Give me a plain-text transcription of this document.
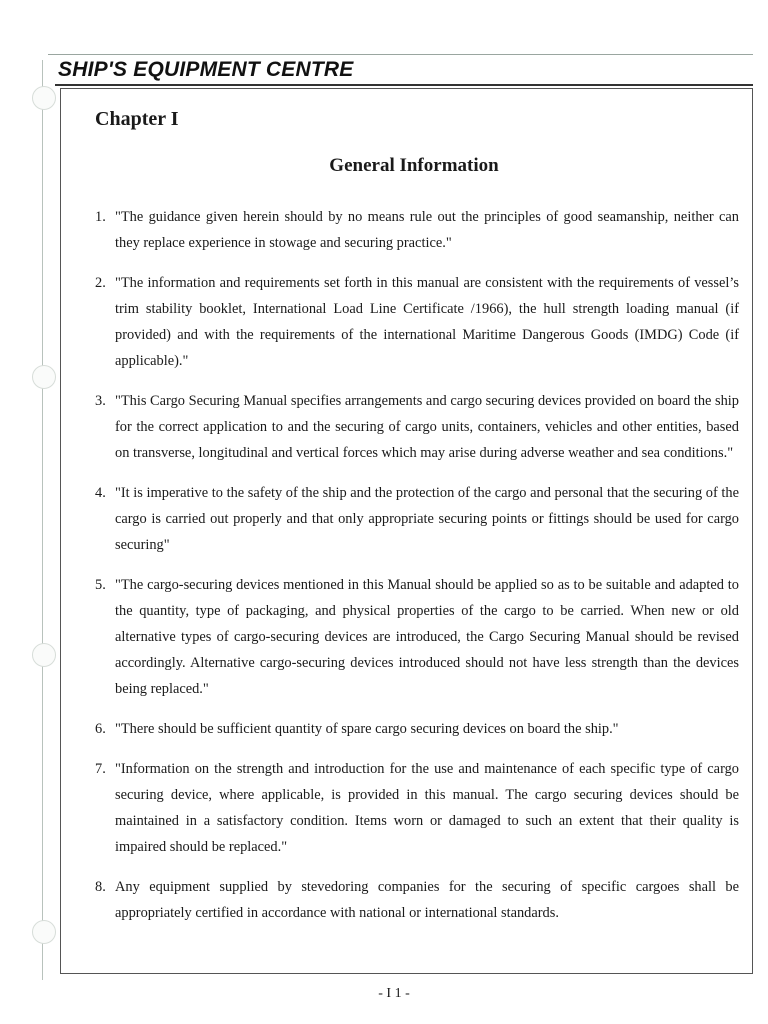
SHIP'S EQUIPMENT CENTRE
Chapter I
General Information
1. "The guidance given herein should by no means rule out the principles of good seamanship, neither can they replace experience in stowage and securing practice."
2. "The information and requirements set forth in this manual are consistent with the requirements of vessel’s trim stability booklet, International Load Line Certificate /1966), the hull strength loading manual (if provided) and with the requirements of the international Maritime Dangerous Goods (IMDG) Code (if applicable)."
3. "This Cargo Securing Manual specifies arrangements and cargo securing devices provided on board the ship for the correct application to and the securing of cargo units, containers, vehicles and other entities, based on transverse, longitudinal and vertical forces which may arise during adverse weather and sea conditions."
4. "It is imperative to the safety of the ship and the protection of the cargo and personal that the securing of the cargo is carried out properly and that only appropriate securing points or fittings should be used for cargo securing"
5. "The cargo-securing devices mentioned in this Manual should be applied so as to be suitable and adapted to the quantity, type of packaging, and physical properties of the cargo to be carried. When new or old alternative types of cargo-securing devices are introduced, the Cargo Securing Manual should be revised accordingly. Alternative cargo-securing devices introduced should not have less strength than the devices being replaced."
6. "There should be sufficient quantity of spare cargo securing devices on board the ship."
7. "Information on the strength and introduction for the use and maintenance of each specific type of cargo securing device, where applicable, is provided in this manual. The cargo securing devices should be maintained in a satisfactory condition. Items worn or damaged to such an extent that their quality is impaired should be replaced."
8. Any equipment supplied by stevedoring companies for the securing of specific cargoes shall be appropriately certified in accordance with national or international standards.
- I 1 -
